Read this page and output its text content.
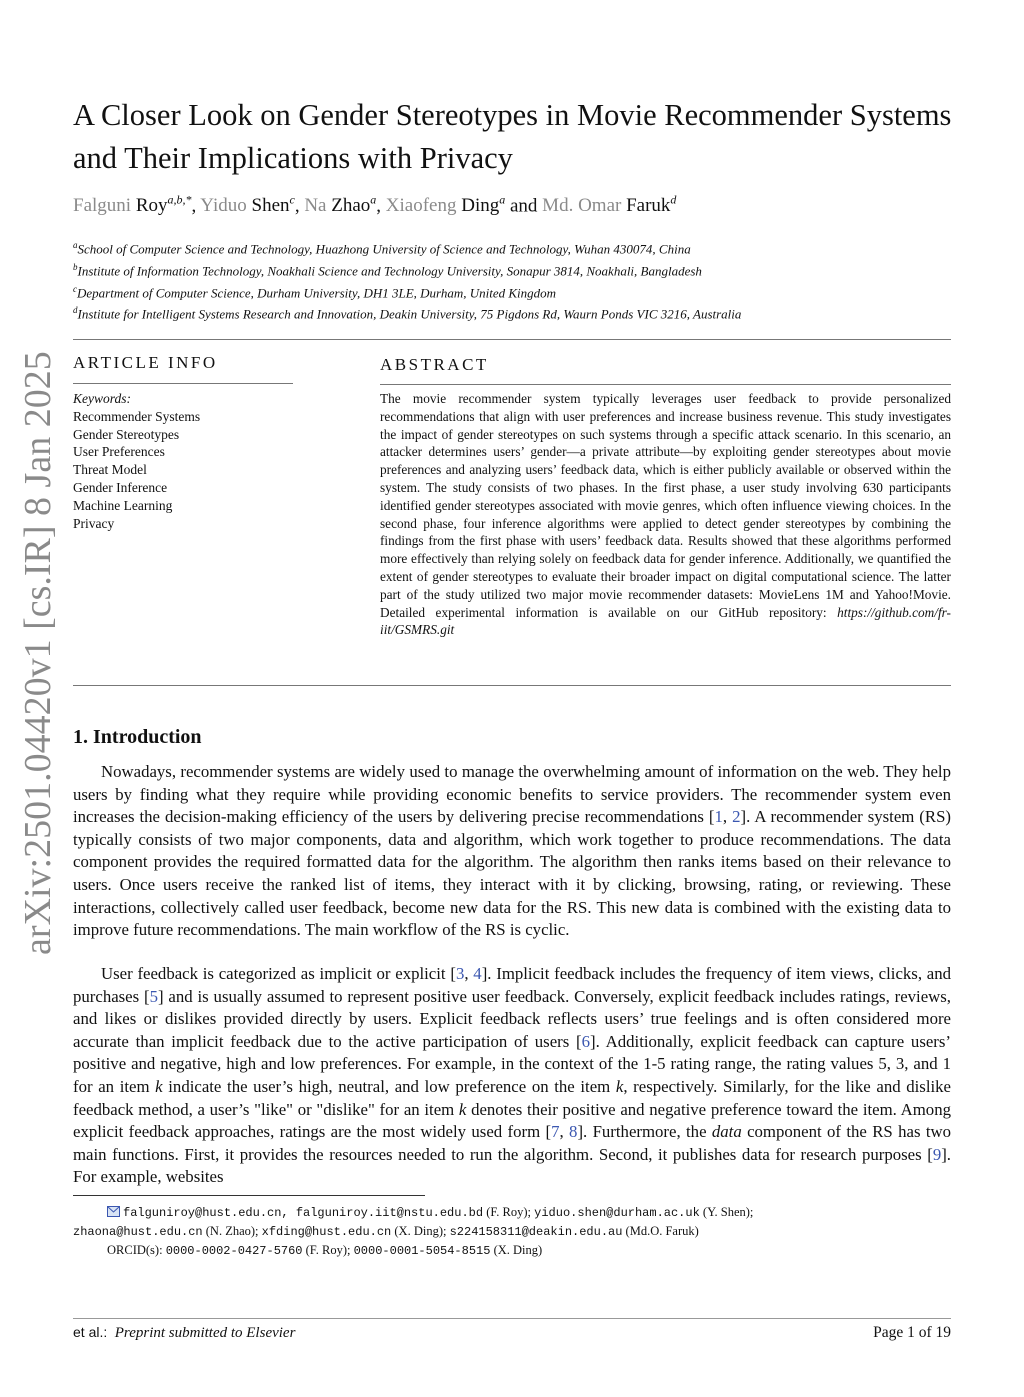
arXiv:2501.04420v1 [cs.IR] 8 Jan 2025
A Closer Look on Gender Stereotypes in Movie Recommender Systems and Their Implications with Privacy
Falguni Roy$^{a,b,*}$, Yiduo Shen$^c$, Na Zhao$^a$, Xiaofeng Ding$^a$ and Md. Omar Faruk$^d$
$^a$School of Computer Science and Technology, Huazhong University of Science and Technology, Wuhan 430074, China
$^b$Institute of Information Technology, Noakhali Science and Technology University, Sonapur 3814, Noakhali, Bangladesh
$^c$Department of Computer Science, Durham University, DH1 3LE, Durham, United Kingdom
$^d$Institute for Intelligent Systems Research and Innovation, Deakin University, 75 Pigdons Rd, Waurn Ponds VIC 3216, Australia
ARTICLE INFO
Keywords:
Recommender Systems
Gender Stereotypes
User Preferences
Threat Model
Gender Inference
Machine Learning
Privacy
ABSTRACT
The movie recommender system typically leverages user feedback to provide personalized recommendations that align with user preferences and increase business revenue. This study investigates the impact of gender stereotypes on such systems through a specific attack scenario. In this scenario, an attacker determines users’ gender—a private attribute—by exploiting gender stereotypes about movie preferences and analyzing users’ feedback data, which is either publicly available or observed within the system. The study consists of two phases. In the first phase, a user study involving 630 participants identified gender stereotypes associated with movie genres, which often influence viewing choices. In the second phase, four inference algorithms were applied to detect gender stereotypes by combining the findings from the first phase with users’ feedback data. Results showed that these algorithms performed more effectively than relying solely on feedback data for gender inference. Additionally, we quantified the extent of gender stereotypes to evaluate their broader impact on digital computational science. The latter part of the study utilized two major movie recommender datasets: MovieLens 1M and Yahoo!Movie. Detailed experimental information is available on our GitHub repository: https://github.com/fr-iit/GSMRS.git
1. Introduction
Nowadays, recommender systems are widely used to manage the overwhelming amount of information on the web. They help users by finding what they require while providing economic benefits to service providers. The recommender system even increases the decision-making efficiency of the users by delivering precise recommendations [1, 2]. A recommender system (RS) typically consists of two major components, data and algorithm, which work together to produce recommendations. The data component provides the required formatted data for the algorithm. The algorithm then ranks items based on their relevance to users. Once users receive the ranked list of items, they interact with it by clicking, browsing, rating, or reviewing. These interactions, collectively called user feedback, become new data for the RS. This new data is combined with the existing data to improve future recommendations. The main workflow of the RS is cyclic.
User feedback is categorized as implicit or explicit [3, 4]. Implicit feedback includes the frequency of item views, clicks, and purchases [5] and is usually assumed to represent positive user feedback. Conversely, explicit feedback includes ratings, reviews, and likes or dislikes provided directly by users. Explicit feedback reflects users’ true feelings and is often considered more accurate than implicit feedback due to the active participation of users [6]. Additionally, explicit feedback can capture users’ positive and negative, high and low preferences. For example, in the context of the 1-5 rating range, the rating values 5, 3, and 1 for an item k indicate the user’s high, neutral, and low preference on the item k, respectively. Similarly, for the like and dislike feedback method, a user’s "like" or "dislike" for an item k denotes their positive and negative preference toward the item. Among explicit feedback approaches, ratings are the most widely used form [7, 8]. Furthermore, the data component of the RS has two main functions. First, it provides the resources needed to run the algorithm. Second, it publishes data for research purposes [9]. For example, websites
falguniroy@hust.edu.cn, falguniroy.iit@nstu.edu.bd (F. Roy); yiduo.shen@durham.ac.uk (Y. Shen);
zhaona@hust.edu.cn (N. Zhao); xfding@hust.edu.cn (X. Ding); s224158311@deakin.edu.au (Md.O. Faruk)
ORCID(s): 0000-0002-0427-5760 (F. Roy); 0000-0001-5054-8515 (X. Ding)
et al.: Preprint submitted to Elsevier	Page 1 of 19
